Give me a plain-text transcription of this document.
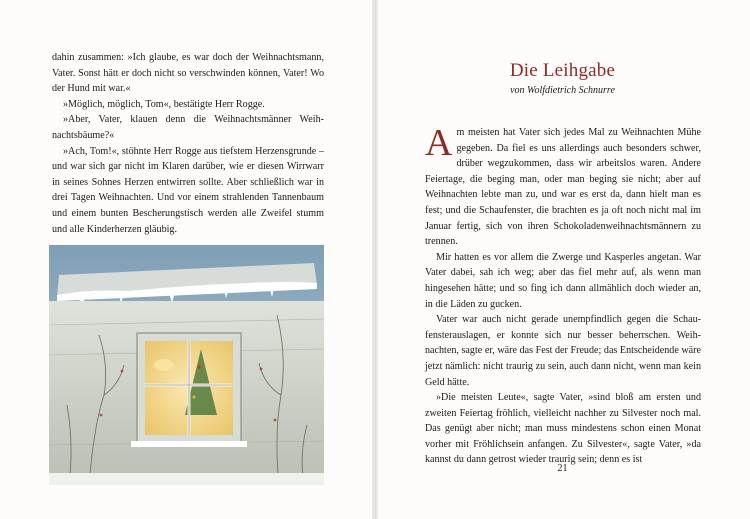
dahin zusammen: »Ich glaube, es war doch der Weihnachtsmann, Vater. Sonst hätt er doch nicht so verschwinden können, Vater! Wo der Hund mit war.«

»Möglich, möglich, Tom«, bestätigte Herr Rogge.

»Aber, Vater, klauen denn die Weihnachtsmänner Weihnachtsbäume?«

»Ach, Tom!«, stöhnte Herr Rogge aus tiefstem Herzensgrunde – und war sich gar nicht im Klaren darüber, wie er diesen Wirrwarr in seines Sohnes Herzen entwirren sollte. Aber schließlich war in drei Tagen Weihnachten. Und vor einem strahlenden Tannenbaum und einem bunten Bescherungstisch werden alle Zweifel stumm und alle Kinderherzen gläubig.

Die Leihgabe

von Wolfdietrich Schnurre

Am meisten hat Vater sich jedes Mal zu Weihnachten Mühe gegeben. Da fiel es uns allerdings auch besonders schwer, drüber wegzukommen, dass wir arbeitslos waren. Andere Feiertage, die beging man, oder man beging sie nicht; aber auf Weihnachten lebte man zu, und war es erst da, dann hielt man es fest; und die Schaufenster, die brachten es ja oft noch nicht mal im Januar fertig, sich von ihren Schokoladenweihnachtsmännern zu trennen.

Mir hatten es vor allem die Zwerge und Kasperles angetan. War Vater dabei, sah ich weg; aber das fiel mehr auf, als wenn man hingesehen hätte; und so fing ich dann allmählich doch wieder an, in die Läden zu gucken.

Vater war auch nicht gerade unempfindlich gegen die Schaufensterauslagen, er konnte sich nur besser beherrschen. Weihnachten, sagte er, wäre das Fest der Freude; das Entscheidende wäre jetzt nämlich: nicht traurig zu sein, auch dann nicht, wenn man kein Geld hätte.

»Die meisten Leute«, sagte Vater, »sind bloß am ersten und zweiten Feiertag fröhlich, vielleicht nachher zu Silvester noch mal. Das genügt aber nicht; man muss mindestens schon einen Monat vorher mit Fröhlichsein anfangen. Zu Silvester«, sagte Vater, »da kannst du dann getrost wieder traurig sein; denn es ist

21
